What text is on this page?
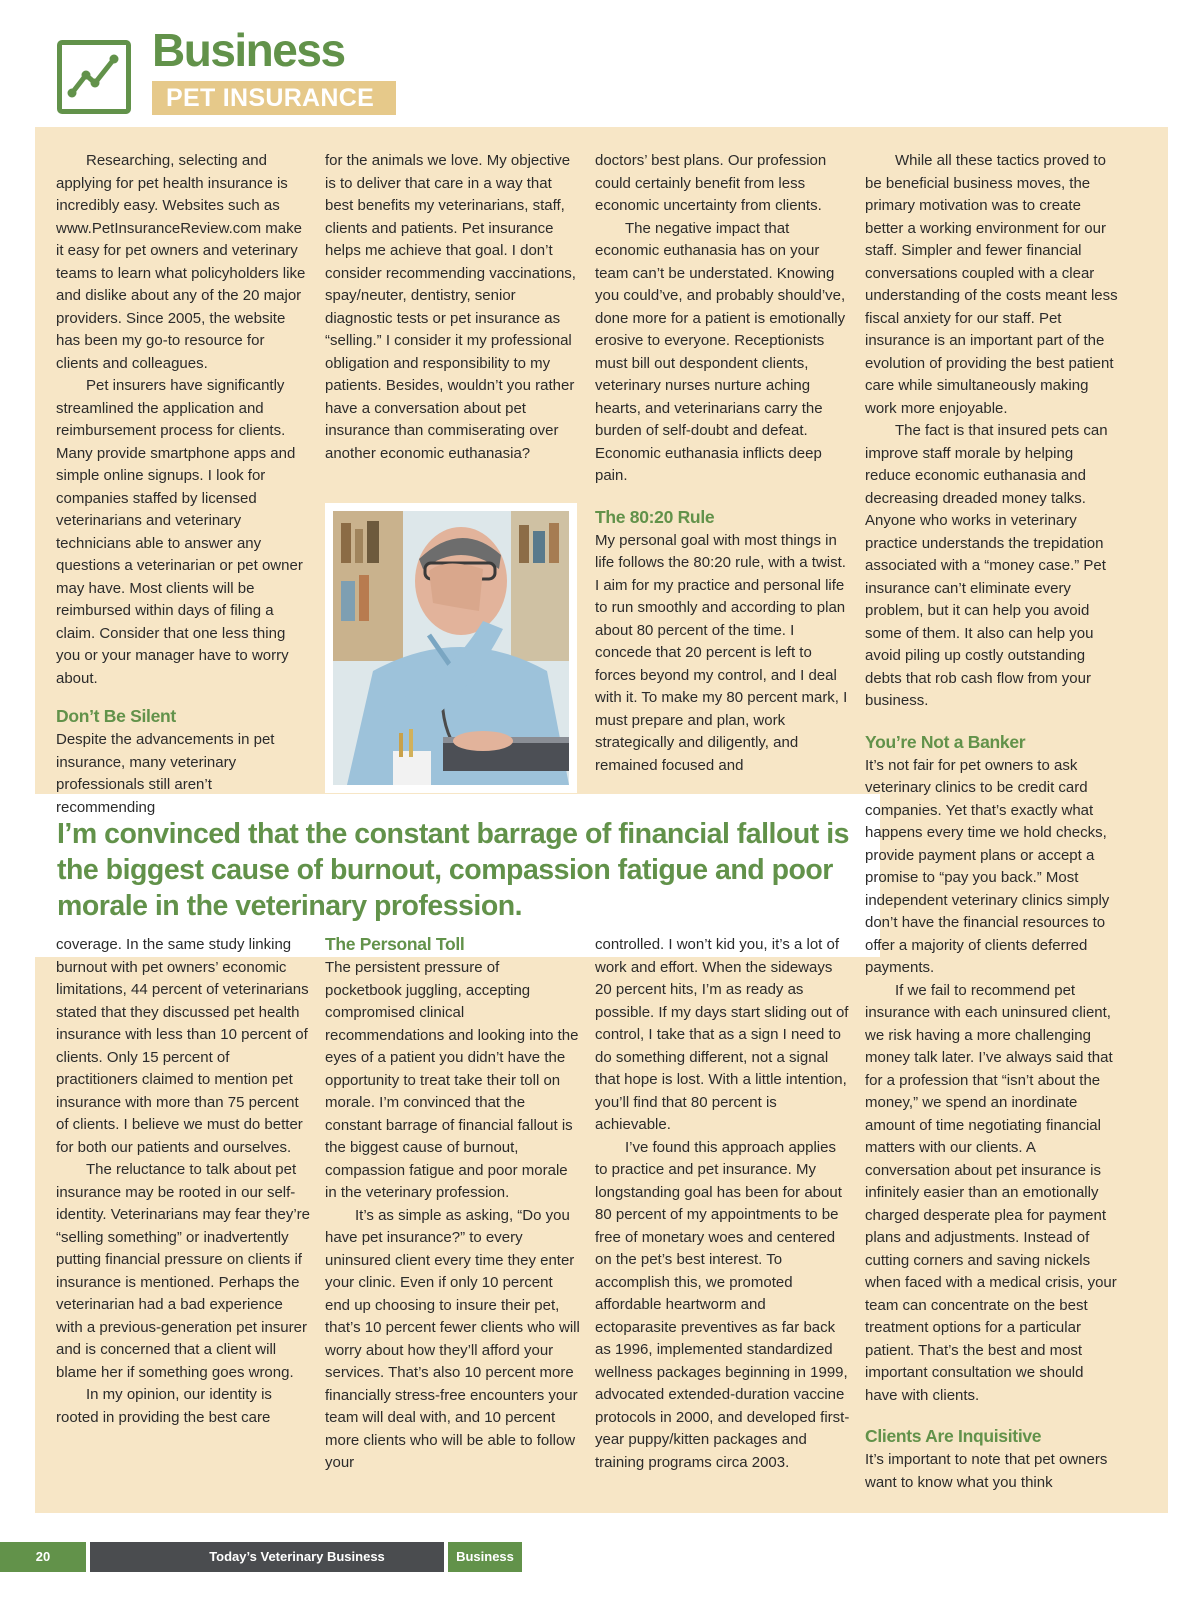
Business
PET INSURANCE

I’m convinced that the constant barrage of financial fallout is the biggest cause of burnout, compassion fatigue and poor morale in the veterinary profession.

Researching, selecting and applying for pet health insurance is incredibly easy. Websites such as www.PetInsuranceReview.com make it easy for pet owners and veterinary teams to learn what policyholders like and dislike about any of the 20 major providers. Since 2005, the website has been my go-to resource for clients and colleagues.

Pet insurers have significantly streamlined the application and reimbursement process for clients. Many provide smartphone apps and simple online signups. I look for companies staffed by licensed veterinarians and veterinary technicians able to answer any questions a veterinarian or pet owner may have. Most clients will be reimbursed within days of filing a claim. Consider that one less thing you or your manager have to worry about.

Don’t Be Silent

Despite the advancements in pet insurance, many veterinary professionals still aren’t recommending

for the animals we love. My objective is to deliver that care in a way that best benefits my veterinarians, staff, clients and patients. Pet insurance helps me achieve that goal. I don’t consider recommending vaccinations, spay/neuter, dentistry, senior diagnostic tests or pet insurance as “selling.” I consider it my professional obligation and responsibility to my patients. Besides, wouldn’t you rather have a conversation about pet insurance than commiserating over another economic euthanasia?

doctors’ best plans. Our profession could certainly benefit from less economic uncertainty from clients.

The negative impact that economic euthanasia has on your team can’t be understated. Knowing you could’ve, and probably should’ve, done more for a patient is emotionally erosive to everyone. Receptionists must bill out despondent clients, veterinary nurses nurture aching hearts, and veterinarians carry the burden of self-doubt and defeat. Economic euthanasia inflicts deep pain.

The 80:20 Rule

My personal goal with most things in life follows the 80:20 rule, with a twist. I aim for my practice and personal life to run smoothly and according to plan about 80 percent of the time. I concede that 20 percent is left to forces beyond my control, and I deal with it. To make my 80 percent mark, I must prepare and plan, work strategically and diligently, and remained focused and

While all these tactics proved to be beneficial business moves, the primary motivation was to create better a working environment for our staff. Simpler and fewer financial conversations coupled with a clear understanding of the costs meant less fiscal anxiety for our staff. Pet insurance is an important part of the evolution of providing the best patient care while simultaneously making work more enjoyable.

The fact is that insured pets can improve staff morale by helping reduce economic euthanasia and decreasing dreaded money talks. Anyone who works in veterinary practice understands the trepidation associated with a “money case.” Pet insurance can’t eliminate every problem, but it can help you avoid some of them. It also can help you avoid piling up costly outstanding debts that rob cash flow from your business.

You’re Not a Banker

It’s not fair for pet owners to ask veterinary clinics to be credit card companies. Yet that’s exactly what happens every time we hold checks, provide payment plans or accept a promise to “pay you back.” Most independent veterinary clinics simply don’t have the financial resources to offer a majority of clients deferred payments.

If we fail to recommend pet insurance with each uninsured client, we risk having a more challenging money talk later. I’ve always said that for a profession that “isn’t about the money,” we spend an inordinate amount of time negotiating financial matters with our clients. A conversation about pet insurance is infinitely easier than an emotionally charged desperate plea for payment plans and adjustments. Instead of cutting corners and saving nickels when faced with a medical crisis, your team can concentrate on the best treatment options for a particular patient. That’s the best and most important consultation we should have with clients.

Clients Are Inquisitive

It’s important to note that pet owners want to know what you think

coverage. In the same study linking burnout with pet owners’ economic limitations, 44 percent of veterinarians stated that they discussed pet health insurance with less than 10 percent of clients. Only 15 percent of practitioners claimed to mention pet insurance with more than 75 percent of clients. I believe we must do better for both our patients and ourselves.

The reluctance to talk about pet insurance may be rooted in our self-identity. Veterinarians may fear they’re “selling something” or inadvertently putting financial pressure on clients if insurance is mentioned. Perhaps the veterinarian had a bad experience with a previous-generation pet insurer and is concerned that a client will blame her if something goes wrong.

In my opinion, our identity is rooted in providing the best care

The Personal Toll

The persistent pressure of pocketbook juggling, accepting compromised clinical recommendations and looking into the eyes of a patient you didn’t have the opportunity to treat take their toll on morale. I’m convinced that the constant barrage of financial fallout is the biggest cause of burnout, compassion fatigue and poor morale in the veterinary profession.

It’s as simple as asking, “Do you have pet insurance?” to every uninsured client every time they enter your clinic. Even if only 10 percent end up choosing to insure their pet, that’s 10 percent fewer clients who will worry about how they’ll afford your services. That’s also 10 percent more financially stress-free encounters your team will deal with, and 10 percent more clients who will be able to follow your

controlled. I won’t kid you, it’s a lot of work and effort. When the sideways 20 percent hits, I’m as ready as possible. If my days start sliding out of control, I take that as a sign I need to do something different, not a signal that hope is lost. With a little intention, you’ll find that 80 percent is achievable.

I’ve found this approach applies to practice and pet insurance. My longstanding goal has been for about 80 percent of my appointments to be free of monetary woes and centered on the pet’s best interest. To accomplish this, we promoted affordable heartworm and ectoparasite preventives as far back as 1996, implemented standardized wellness packages beginning in 1999, advocated extended-duration vaccine protocols in 2000, and developed first-year puppy/kitten packages and training programs circa 2003.

20	Today’s Veterinary Business	Business
